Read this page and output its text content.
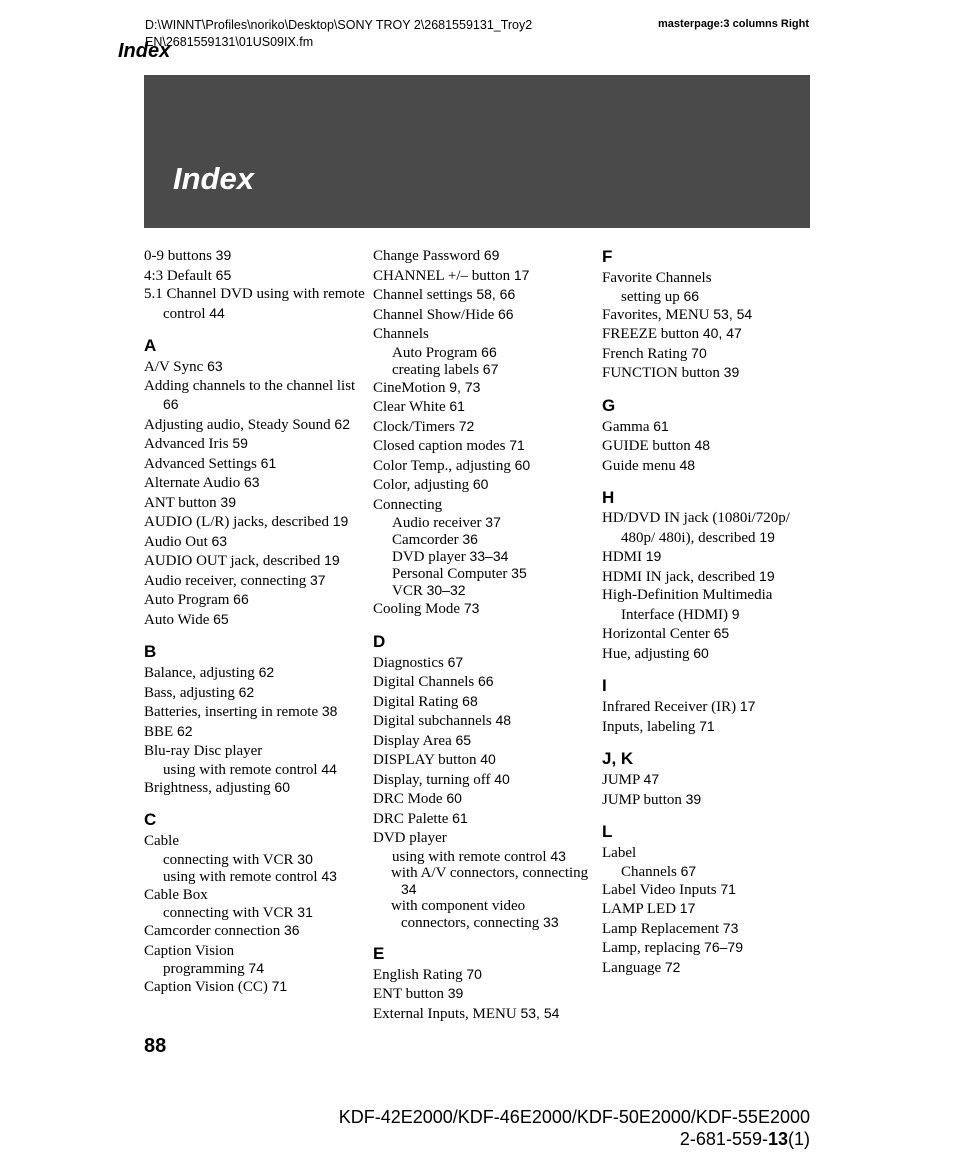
D:\WINNT\Profiles\noriko\Desktop\SONY TROY 2\2681559131_Troy2
EN\2681559131\01US09IX.fm
masterpage:3 columns Right
Index
Index
0-9 buttons 39
4:3 Default 65
5.1 Channel DVD using with remote control 44
A
A/V Sync 63
Adding channels to the channel list 66
Adjusting audio, Steady Sound 62
Advanced Iris 59
Advanced Settings 61
Alternate Audio 63
ANT button 39
AUDIO (L/R) jacks, described 19
Audio Out 63
AUDIO OUT jack, described 19
Audio receiver, connecting 37
Auto Program 66
Auto Wide 65
B
Balance, adjusting 62
Bass, adjusting 62
Batteries, inserting in remote 38
BBE 62
Blu-ray Disc player
using with remote control 44
Brightness, adjusting 60
C
Cable
connecting with VCR 30
using with remote control 43
Cable Box
connecting with VCR 31
Camcorder connection 36
Caption Vision
programming 74
Caption Vision (CC) 71
Change Password 69
CHANNEL +/– button 17
Channel settings 58, 66
Channel Show/Hide 66
Channels
Auto Program 66
creating labels 67
CineMotion 9, 73
Clear White 61
Clock/Timers 72
Closed caption modes 71
Color Temp., adjusting 60
Color, adjusting 60
Connecting
Audio receiver 37
Camcorder 36
DVD player 33–34
Personal Computer 35
VCR 30–32
Cooling Mode 73
D
Diagnostics 67
Digital Channels 66
Digital Rating 68
Digital subchannels 48
Display Area 65
DISPLAY button 40
Display, turning off 40
DRC Mode 60
DRC Palette 61
DVD player
using with remote control 43
with A/V connectors, connecting 34
with component video connectors, connecting 33
E
English Rating 70
ENT button 39
External Inputs, MENU 53, 54
F
Favorite Channels
setting up 66
Favorites, MENU 53, 54
FREEZE button 40, 47
French Rating 70
FUNCTION button 39
G
Gamma 61
GUIDE button 48
Guide menu 48
H
HD/DVD IN jack (1080i/720p/ 480p/ 480i), described 19
HDMI 19
HDMI IN jack, described 19
High-Definition Multimedia Interface (HDMI) 9
Horizontal Center 65
Hue, adjusting 60
I
Infrared Receiver (IR) 17
Inputs, labeling 71
J, K
JUMP 47
JUMP button 39
L
Label
Channels 67
Label Video Inputs 71
LAMP LED 17
Lamp Replacement 73
Lamp, replacing 76–79
Language 72
88
KDF-42E2000/KDF-46E2000/KDF-50E2000/KDF-55E2000
2-681-559-13(1)
